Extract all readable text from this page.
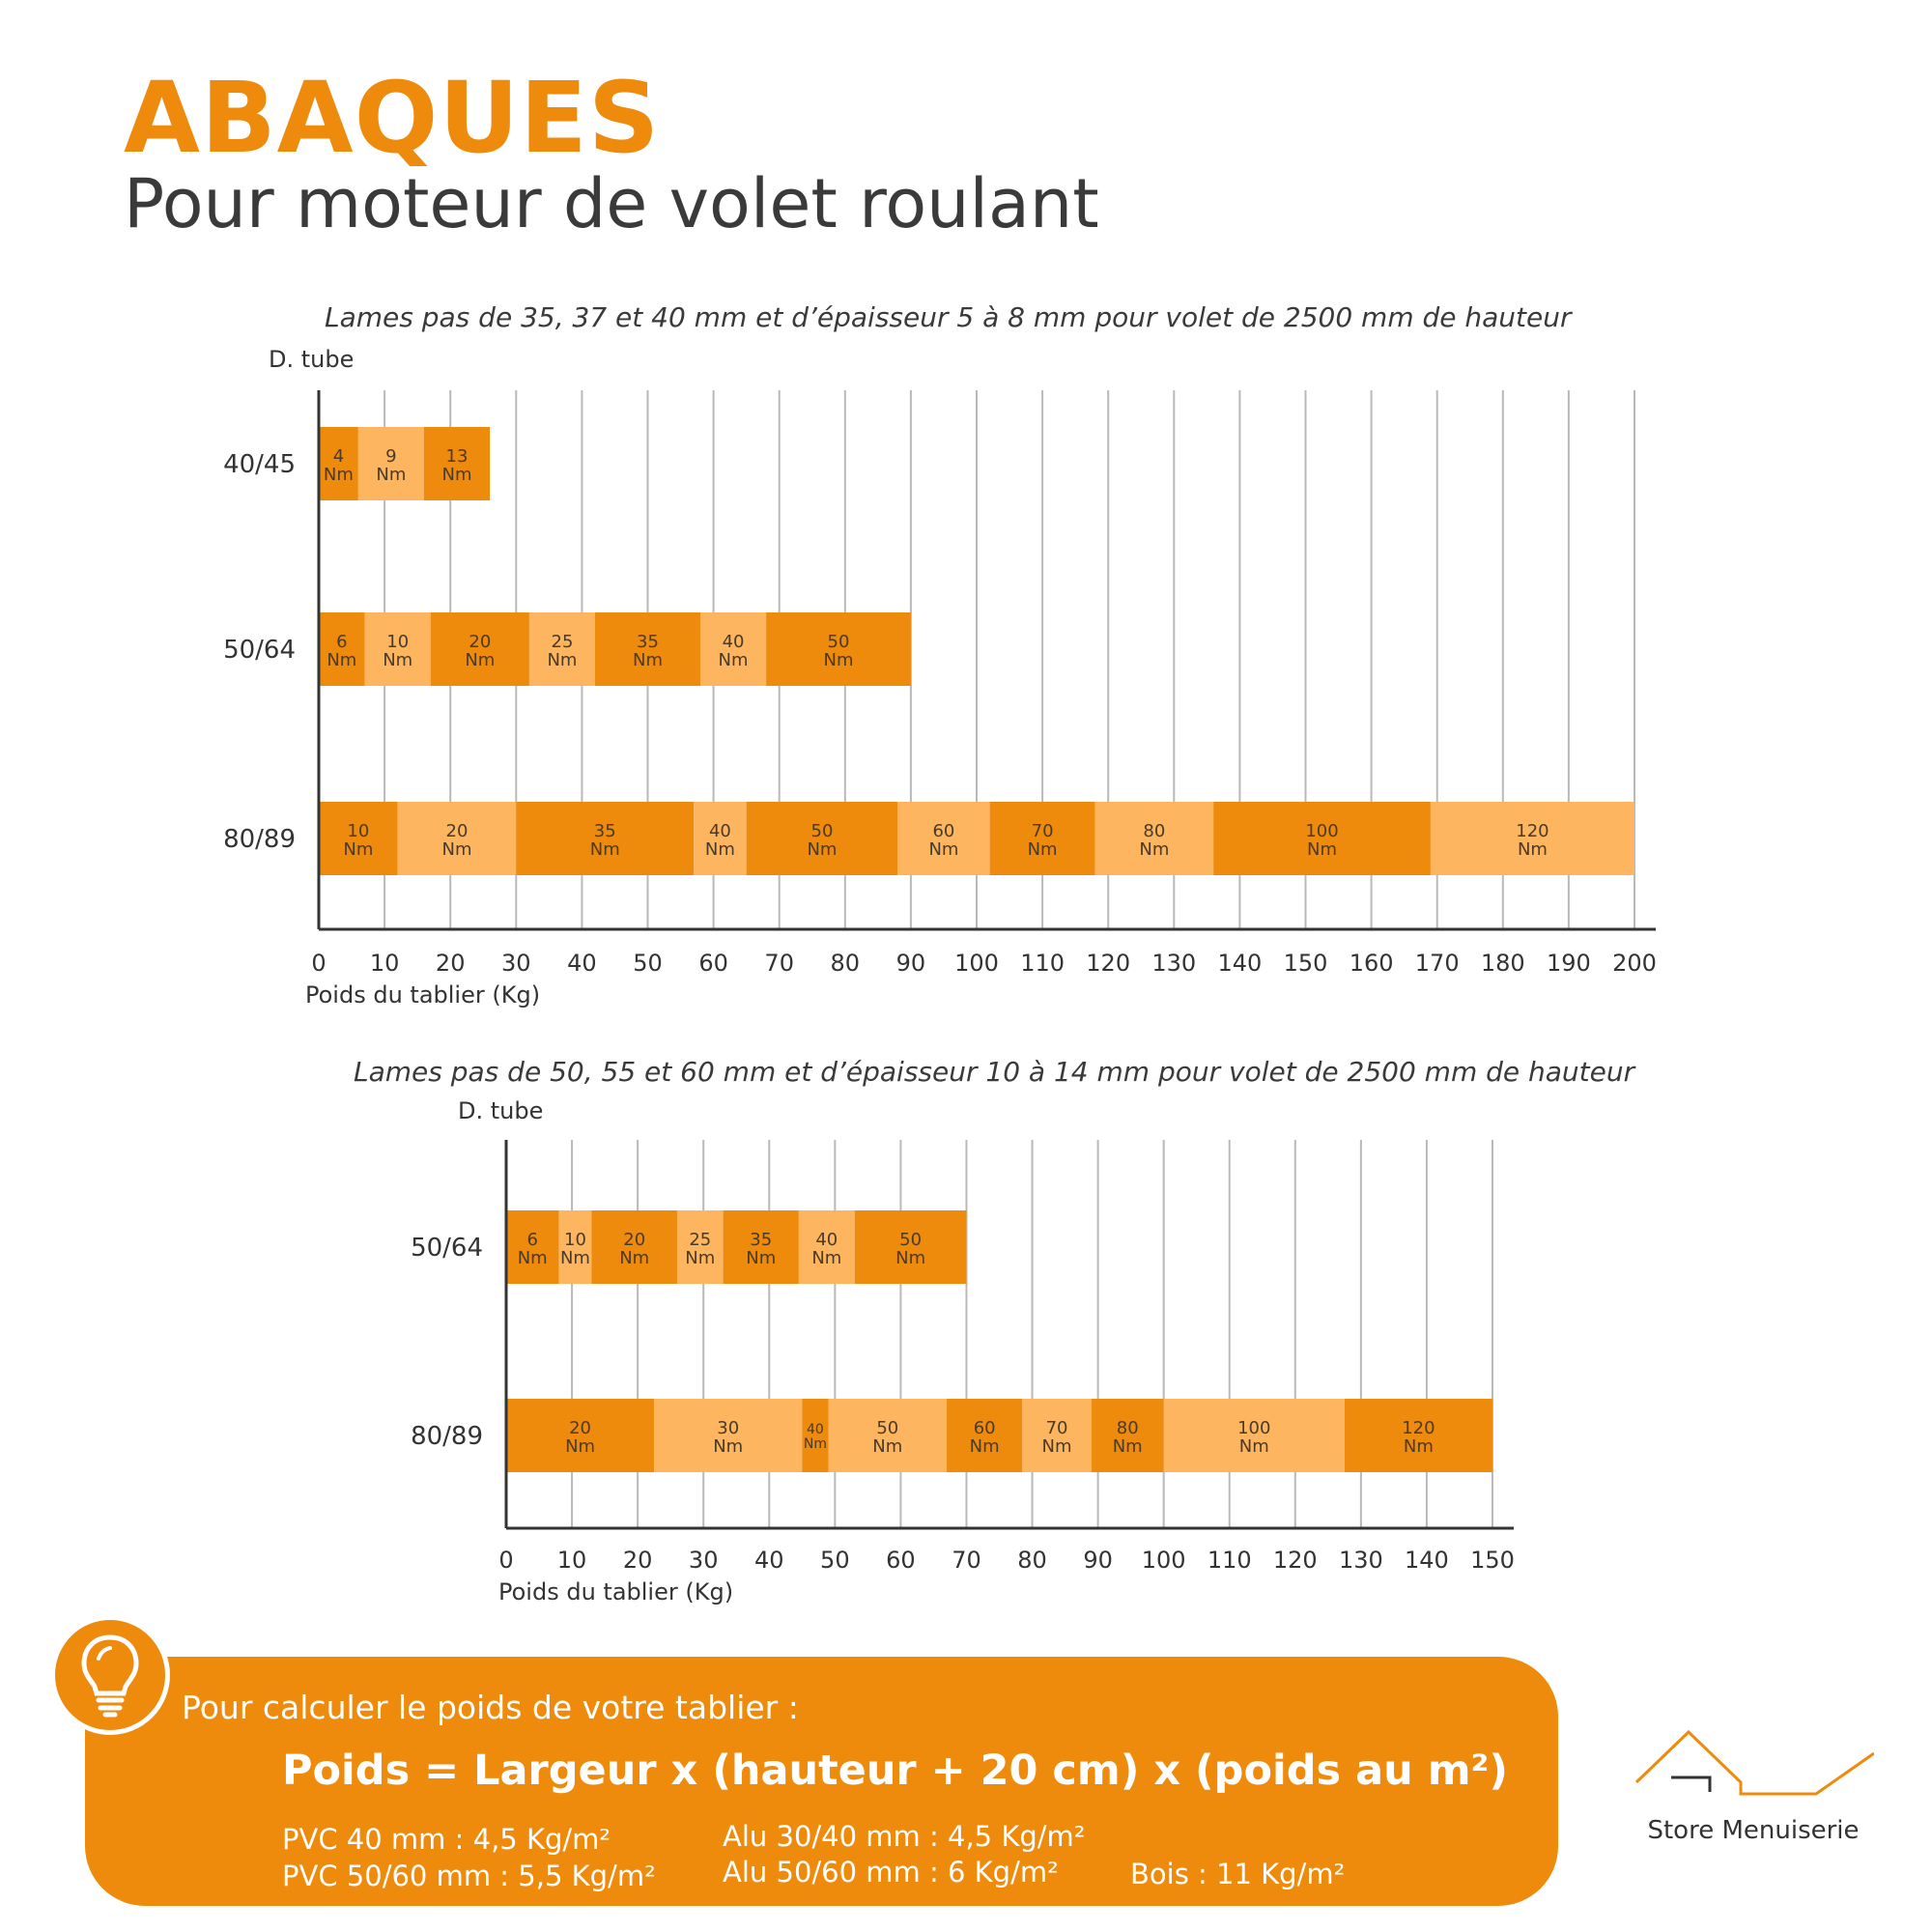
ABAQUES
Pour moteur de volet roulant
Lames pas de 35, 37 et 40 mm et d’épaisseur 5 à 8 mm pour volet de 2500 mm de hauteur
Lames pas de 50, 55 et 60 mm et d’épaisseur 10 à 14 mm pour volet de 2500 mm de hauteur
4
Nm
9
Nm
13
Nm
40/45
6
Nm
10
Nm
20
Nm
25
Nm
35
Nm
40
Nm
50
Nm
50/64
10
Nm
20
Nm
35
Nm
40
Nm
50
Nm
60
Nm
70
Nm
80
Nm
100
Nm
120
Nm
80/89
0 10 20 30 40 50 60 70 80 90 100 110 120 130 140 150 160 170 180 190 200
D. tube
Poids du tablier (Kg)
6
Nm
10
Nm
20
Nm
25
Nm
35
Nm
40
Nm
50
Nm
50/64
20
Nm
30
Nm
40
Nm
50
Nm
60
Nm
70
Nm
80
Nm
100
Nm
120
Nm
80/89
0 10 20 30 40 50 60 70 80 90 100 110 120 130 140 150
D. tube
Poids du tablier (Kg)
Pour calculer le poids de votre tablier :
Poids = Largeur x (hauteur + 20 cm) x (poids au m²)
PVC 40 mm : 4,5 Kg/m²
PVC 50/60 mm : 5,5 Kg/m²
Alu 30/40 mm : 4,5 Kg/m²
Alu 50/60 mm : 6 Kg/m²	Bois : 11 Kg/m²
Store Menuiserie
